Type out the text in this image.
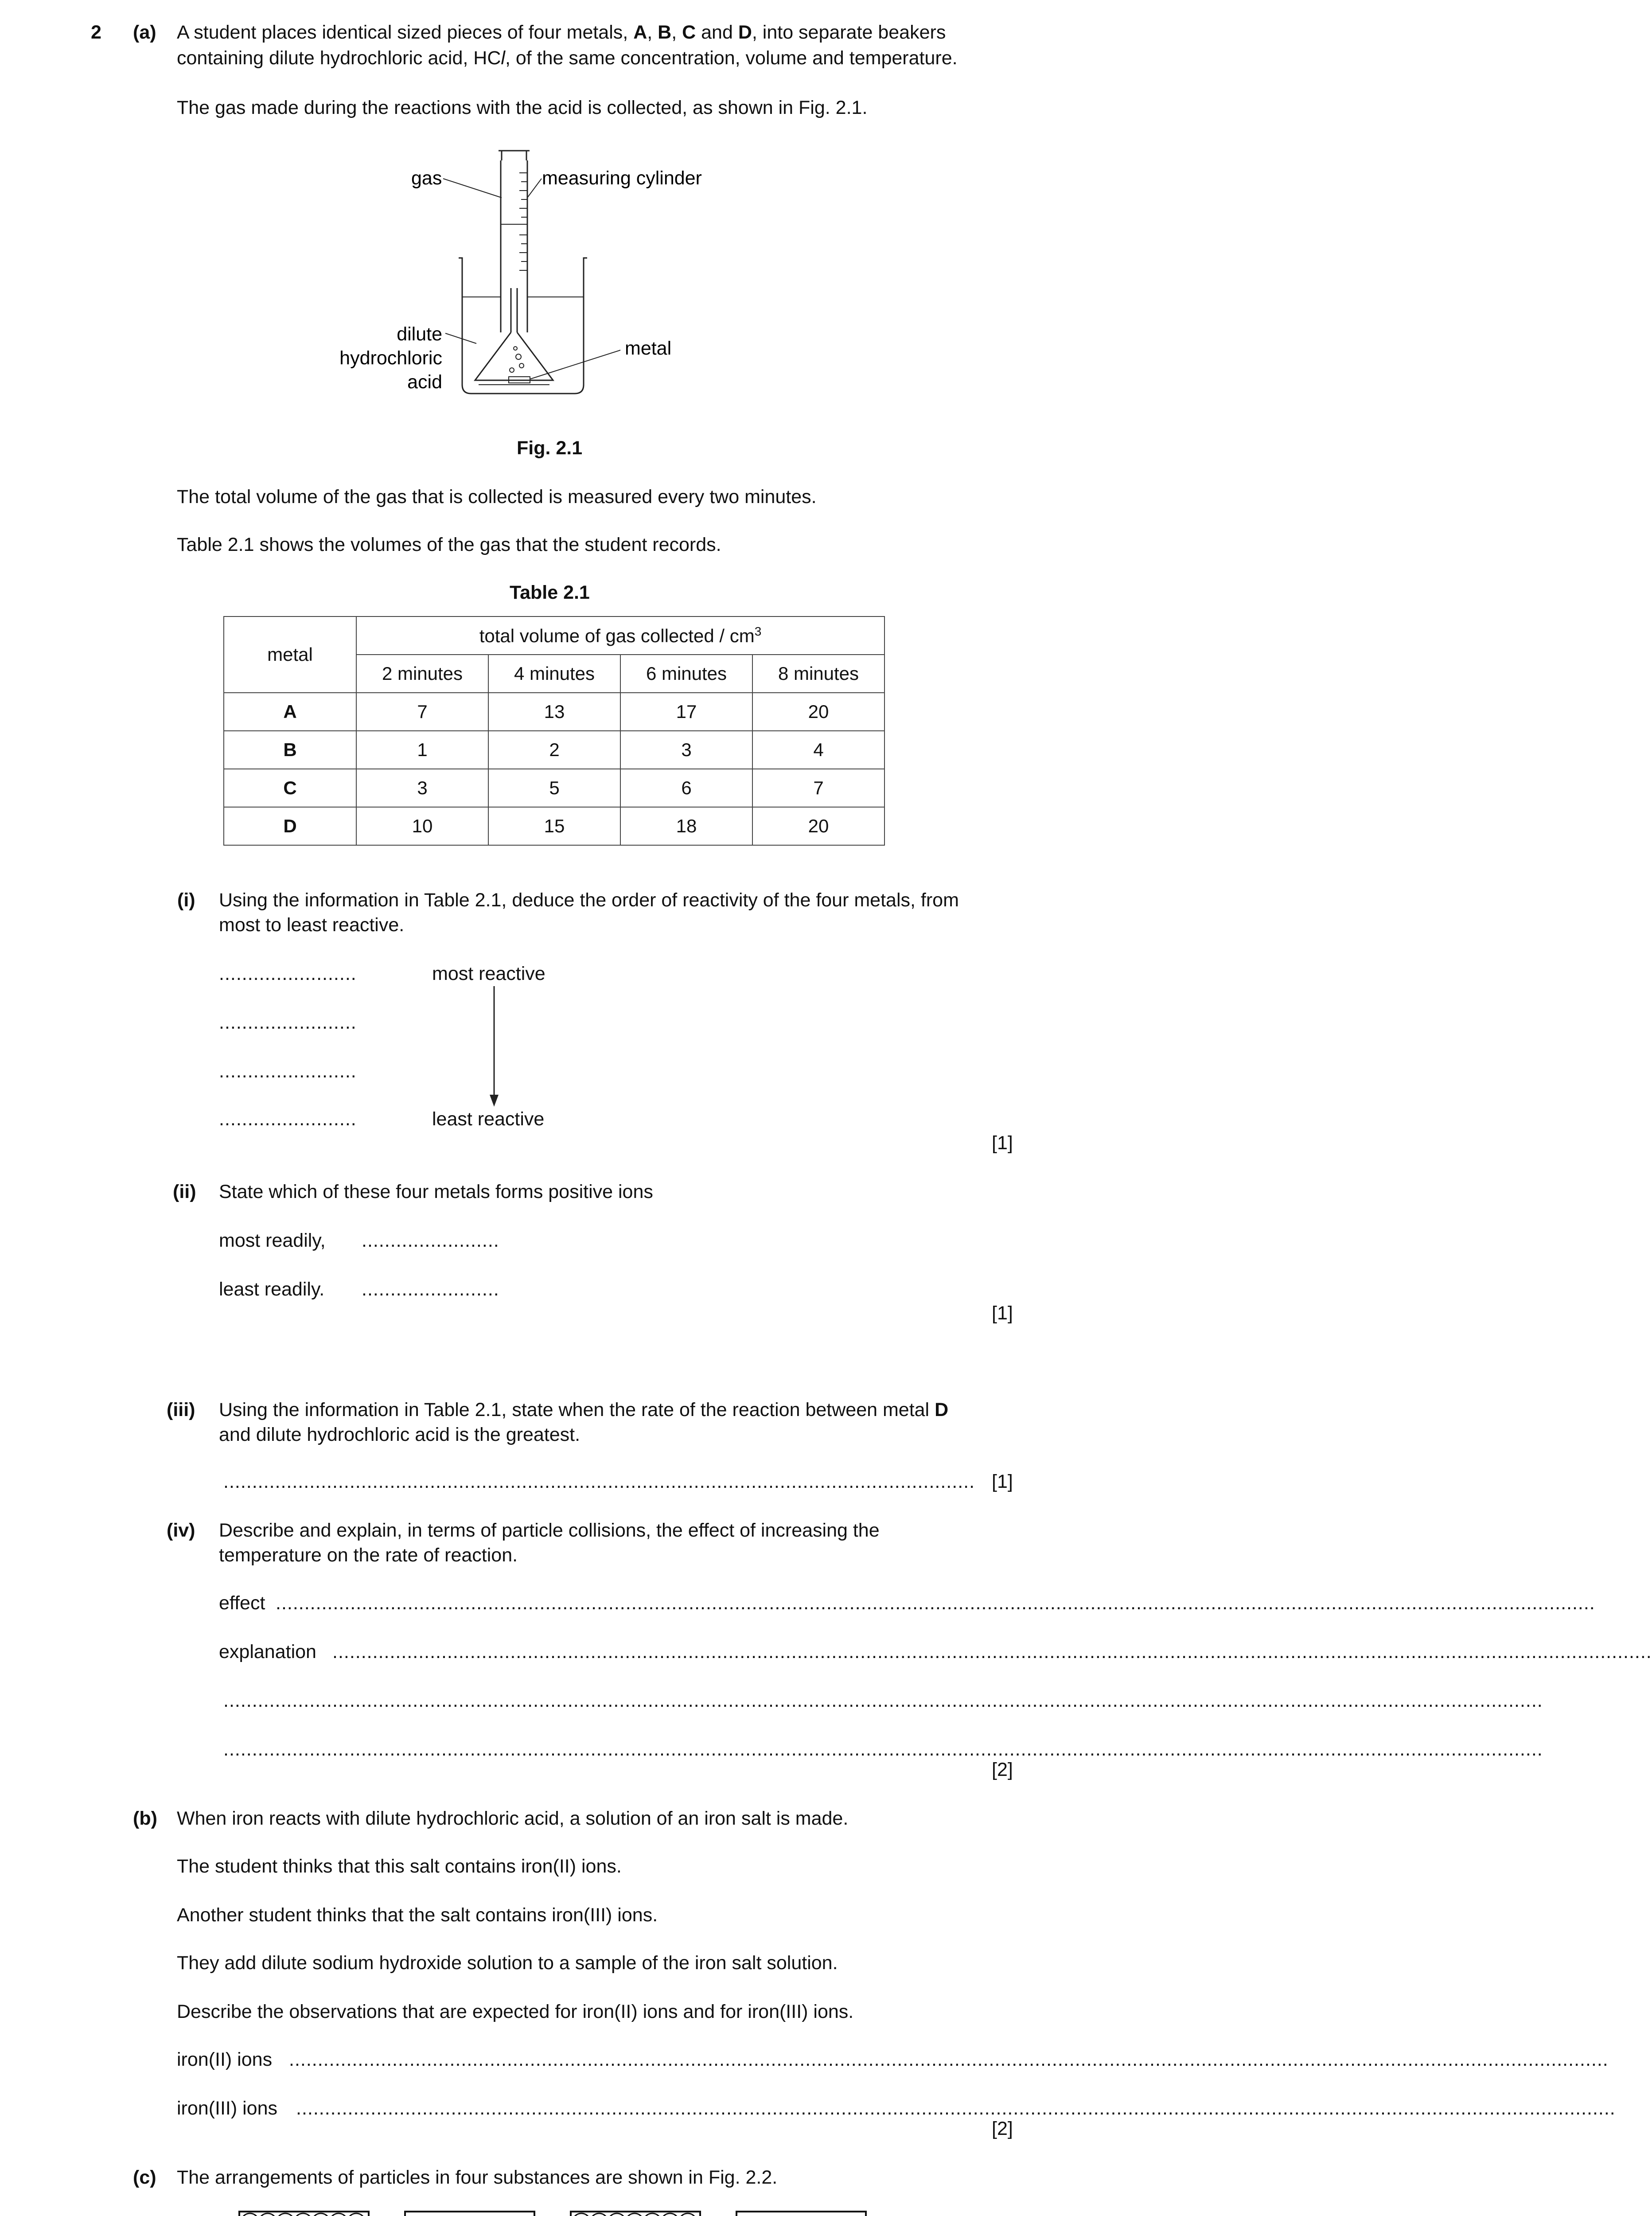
2 (a) A student places identical sized pieces of four metals, A, B, C and D, into separate beakers
containing dilute hydrochloric acid, HCl, of the same concentration, volume and temperature.
The gas made during the reactions with the acid is collected, as shown in Fig. 2.1.
gas	measuring cylinder
dilute
hydrochloric
acid
metal
Fig. 2.1
The total volume of the gas that is collected is measured every two minutes.
Table 2.1 shows the volumes of the gas that the student records.
Table 2.1
metal	total volume of gas collected / $cm^3$
	2 minutes	4 minutes	6 minutes	8 minutes
A	7	13	17	20
B	1	2	3	4
C	3	5	6	7
D	10	15	18	20
(i) Using the information in Table 2.1, deduce the order of reactivity of the four metals, from
most to least reactive.
........................
........................
........................
........................
most reactive
least reactive
[1]
(ii) State which of these four metals forms positive ions
most readily, ........................
least readily. ........................
[1]
(iii) Using the information in Table 2.1, state when the rate of the reaction between metal D
and dilute hydrochloric acid is the greatest.
................................................................................................................................... [1]
(iv) Describe and explain, in terms of particle collisions, the effect of increasing the
temperature on the rate of reaction.
effect ......................................................................................................................................................................................................................................
explanation ......................................................................................................................................................................................................................................
......................................................................................................................................................................................................................................
......................................................................................................................................................................................................................................
[2]
(b) When iron reacts with dilute hydrochloric acid, a solution of an iron salt is made.
The student thinks that this salt contains iron(II) ions.
Another student thinks that the salt contains iron(III) ions.
They add dilute sodium hydroxide solution to a sample of the iron salt solution.
Describe the observations that are expected for iron(II) ions and for iron(III) ions.
iron(II) ions ......................................................................................................................................................................................................................................
iron(III) ions ......................................................................................................................................................................................................................................
[2]
(c) The arrangements of particles in four substances are shown in Fig. 2.2.
